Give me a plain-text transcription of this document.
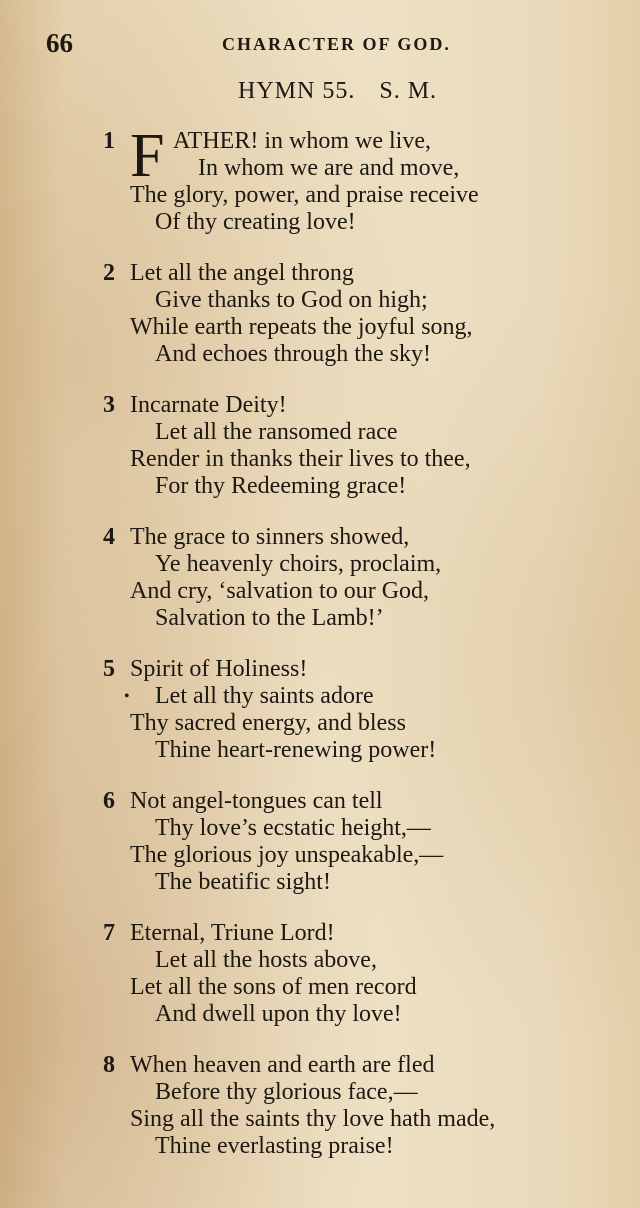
66	CHARACTER OF GOD.
HYMN 55. S. M.
1 F ATHER! in whom we live,
In whom we are and move,
The glory, power, and praise receive
Of thy creating love!
2 Let all the angel throng
Give thanks to God on high;
While earth repeats the joyful song,
And echoes through the sky!
3 Incarnate Deity!
Let all the ransomed race
Render in thanks their lives to thee,
For thy Redeeming grace!
4 The grace to sinners showed,
Ye heavenly choirs, proclaim,
And cry, ‘salvation to our God,
Salvation to the Lamb!’
5 Spirit of Holiness!
Let all thy saints adore
Thy sacred energy, and bless
Thine heart-renewing power!
6 Not angel-tongues can tell
Thy love’s ecstatic height,—
The glorious joy unspeakable,—
The beatific sight!
7 Eternal, Triune Lord!
Let all the hosts above,
Let all the sons of men record
And dwell upon thy love!
8 When heaven and earth are fled
Before thy glorious face,—
Sing all the saints thy love hath made,
Thine everlasting praise!
•
